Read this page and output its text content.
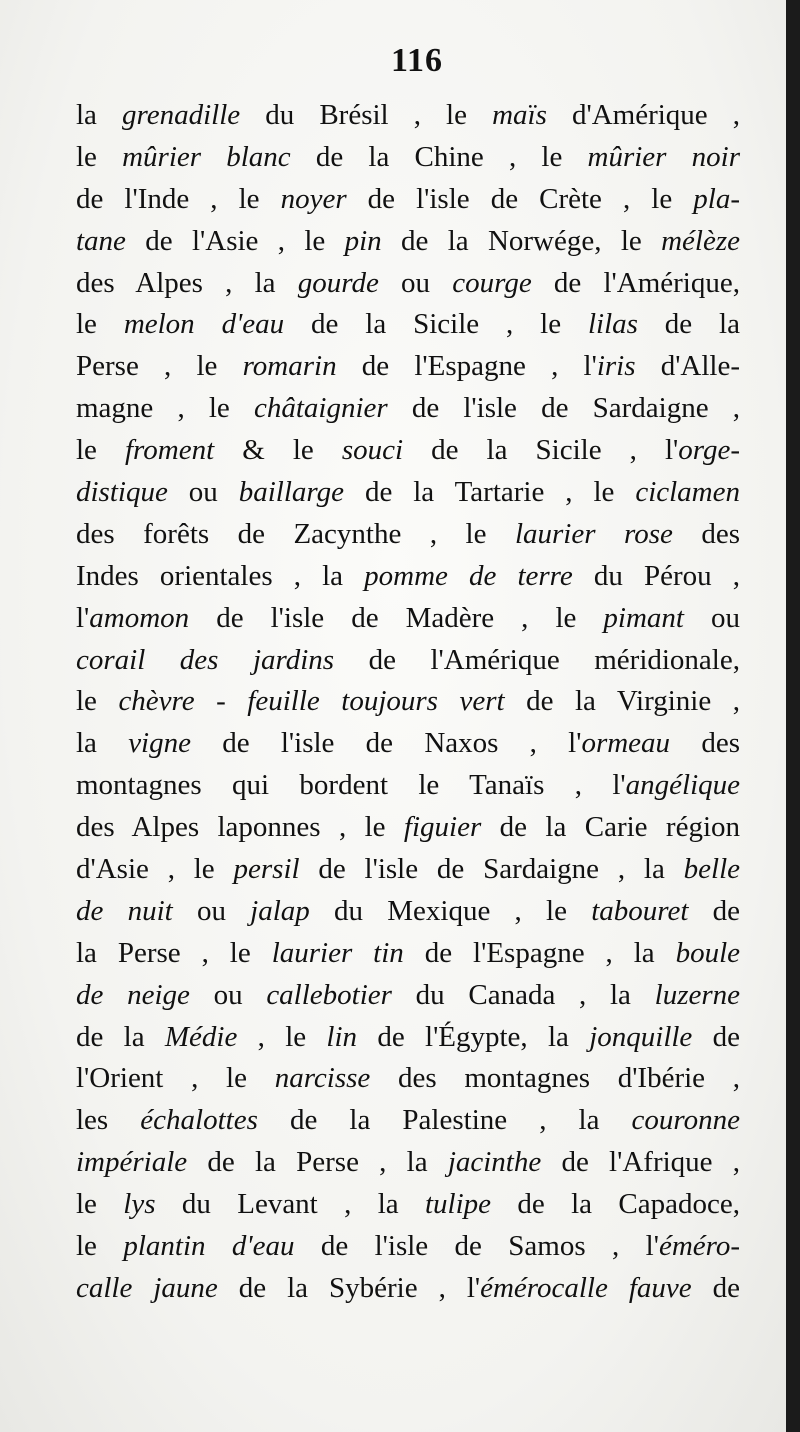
116
la grenadille du Brésil , le maïs d'Amérique ,
le mûrier blanc de la Chine , le mûrier noir
de l'Inde , le noyer de l'isle de Crète , le pla-
tane de l'Asie , le pin de la Norwége, le mélèze
des Alpes , la gourde ou courge de l'Amérique,
le melon d'eau de la Sicile , le lilas de la
Perse , le romarin de l'Espagne , l'iris d'Alle-
magne , le châtaignier de l'isle de Sardaigne ,
le froment & le souci de la Sicile , l'orge-
distique ou baillarge de la Tartarie , le ciclamen
des forêts de Zacynthe , le laurier rose des
Indes orientales , la pomme de terre du Pérou ,
l'amomon de l'isle de Madère , le pimant ou
corail des jardins de l'Amérique méridionale,
le chèvre - feuille toujours vert de la Virginie ,
la vigne de l'isle de Naxos , l'ormeau des
montagnes qui bordent le Tanaïs , l'angélique
des Alpes laponnes , le figuier de la Carie région
d'Asie , le persil de l'isle de Sardaigne , la belle
de nuit ou jalap du Mexique , le tabouret de
la Perse , le laurier tin de l'Espagne , la boule
de neige ou callebotier du Canada , la luzerne
de la Médie , le lin de l'Égypte, la jonquille de
l'Orient , le narcisse des montagnes d'Ibérie ,
les échalottes de la Palestine , la couronne
impériale de la Perse , la jacinthe de l'Afrique ,
le lys du Levant , la tulipe de la Capadoce,
le plantin d'eau de l'isle de Samos , l'éméro-
calle jaune de la Sybérie , l'émérocalle fauve de
